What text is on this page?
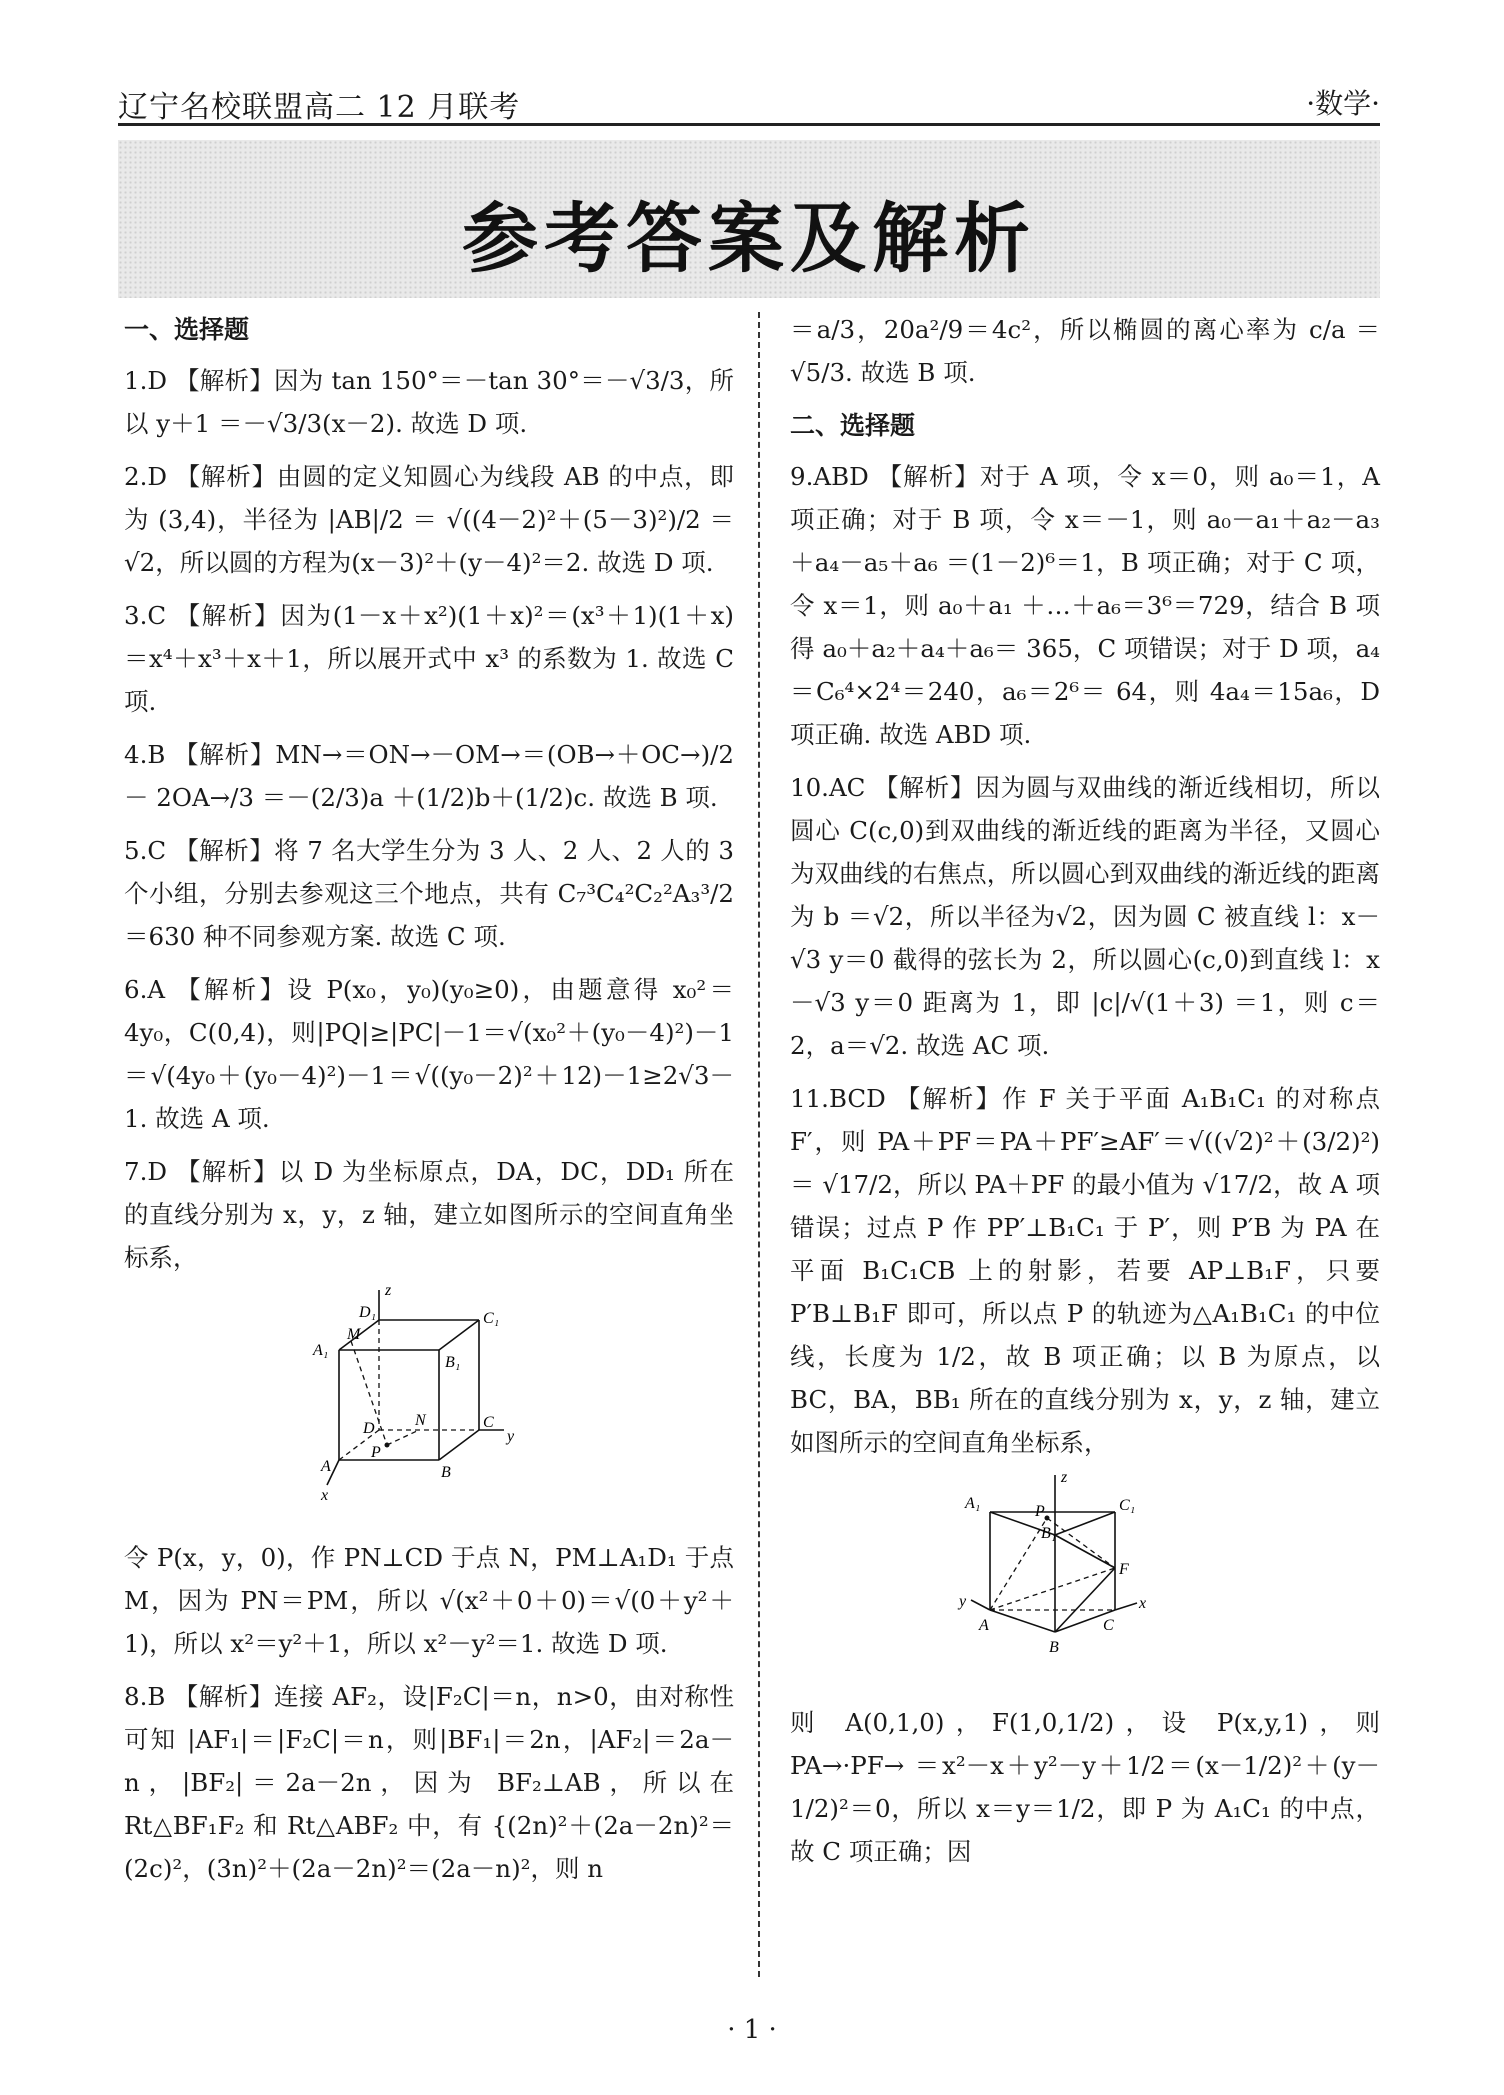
辽宁名校联盟高二 12 月联考	·数学·
参考答案及解析
一、选择题
1.D 【解析】因为 tan 150°＝－tan 30°＝－√3/3，所以 y＋1 ＝－√3/3(x－2). 故选 D 项.
2.D 【解析】由圆的定义知圆心为线段 AB 的中点，即为 (3,4)，半径为 |AB|/2 ＝ √((4－2)²＋(5－3)²)/2 ＝√2，所以圆的方程为(x－3)²＋(y－4)²＝2. 故选 D 项.
3.C 【解析】因为(1－x＋x²)(1＋x)²＝(x³＋1)(1＋x) ＝x⁴＋x³＋x＋1，所以展开式中 x³ 的系数为 1. 故选 C 项.
4.B 【解析】MN→＝ON→－OM→＝(OB→＋OC→)/2 － 2OA→/3 ＝－(2/3)a ＋(1/2)b＋(1/2)c. 故选 B 项.
5.C 【解析】将 7 名大学生分为 3 人、2 人、2 人的 3 个小组，分别去参观这三个地点，共有 C₇³C₄²C₂²A₃³/2 ＝630 种不同参观方案. 故选 C 项.
6.A 【解析】设 P(x₀，y₀)(y₀≥0)，由题意得 x₀²＝4y₀，C(0,4)，则|PQ|≥|PC|－1＝√(x₀²＋(y₀－4)²)－1＝√(4y₀＋(y₀－4)²)－1＝√((y₀－2)²＋12)－1≥2√3－1. 故选 A 项.
7.D 【解析】以 D 为坐标原点，DA，DC，DD₁ 所在的直线分别为 x，y，z 轴，建立如图所示的空间直角坐标系，
z
y
x
D₁	C₁
M
A₁
B₁
D	N	C
P
A	B
令 P(x，y，0)，作 PN⊥CD 于点 N，PM⊥A₁D₁ 于点 M，因为 PN＝PM，所以 √(x²＋0＋0)＝√(0＋y²＋1)，所以 x²＝y²＋1，所以 x²－y²＝1. 故选 D 项.
8.B 【解析】连接 AF₂，设|F₂C|＝n，n>0，由对称性可知 |AF₁|＝|F₂C|＝n，则|BF₁|＝2n，|AF₂|＝2a－n，|BF₂|＝2a－2n，因为 BF₂⊥AB，所以在 Rt△BF₁F₂ 和 Rt△ABF₂ 中，有 {(2n)²＋(2a－2n)²＝(2c)²，(3n)²＋(2a－2n)²＝(2a－n)²，则 n
＝a/3，20a²/9＝4c²，所以椭圆的离心率为 c/a ＝√5/3. 故选 B 项.
二、选择题
9.ABD 【解析】对于 A 项，令 x＝0，则 a₀＝1，A 项正确；对于 B 项，令 x＝－1，则 a₀－a₁＋a₂－a₃＋a₄－a₅＋a₆ ＝(1－2)⁶＝1，B 项正确；对于 C 项，令 x＝1，则 a₀＋a₁ ＋…＋a₆＝3⁶＝729，结合 B 项得 a₀＋a₂＋a₄＋a₆＝ 365，C 项错误；对于 D 项，a₄＝C₆⁴×2⁴＝240，a₆＝2⁶＝ 64，则 4a₄＝15a₆，D 项正确. 故选 ABD 项.
10.AC 【解析】因为圆与双曲线的渐近线相切，所以圆心 C(c,0)到双曲线的渐近线的距离为半径，又圆心为双曲线的右焦点，所以圆心到双曲线的渐近线的距离为 b ＝√2，所以半径为√2，因为圆 C 被直线 l：x－√3 y＝0 截得的弦长为 2，所以圆心(c,0)到直线 l：x－√3 y＝0 距离为 1，即 |c|/√(1＋3) ＝1，则 c＝2，a＝√2. 故选 AC 项.
11.BCD 【解析】作 F 关于平面 A₁B₁C₁ 的对称点 F′，则 PA＋PF＝PA＋PF′≥AF′＝√((√2)²＋(3/2)²) ＝ √17/2，所以 PA＋PF 的最小值为 √17/2，故 A 项错误；过点 P 作 PP′⊥B₁C₁ 于 P′，则 P′B 为 PA 在平面 B₁C₁CB 上的射影，若要 AP⊥B₁F，只要 P′B⊥B₁F 即可，所以点 P 的轨迹为△A₁B₁C₁ 的中位线，长度为 1/2，故 B 项正确；以 B 为原点，以 BC，BA，BB₁ 所在的直线分别为 x，y，z 轴，建立如图所示的空间直角坐标系，
z
A₁	C₁
P
B₁
F
y
A	C
x
B
则 A(0,1,0)，F(1,0,1/2)，设 P(x,y,1)，则 PA→·PF→ ＝x²－x＋y²－y＋1/2＝(x－1/2)²＋(y－1/2)²＝0，所以 x＝y＝1/2，即 P 为 A₁C₁ 的中点，故 C 项正确；因
· 1 ·
